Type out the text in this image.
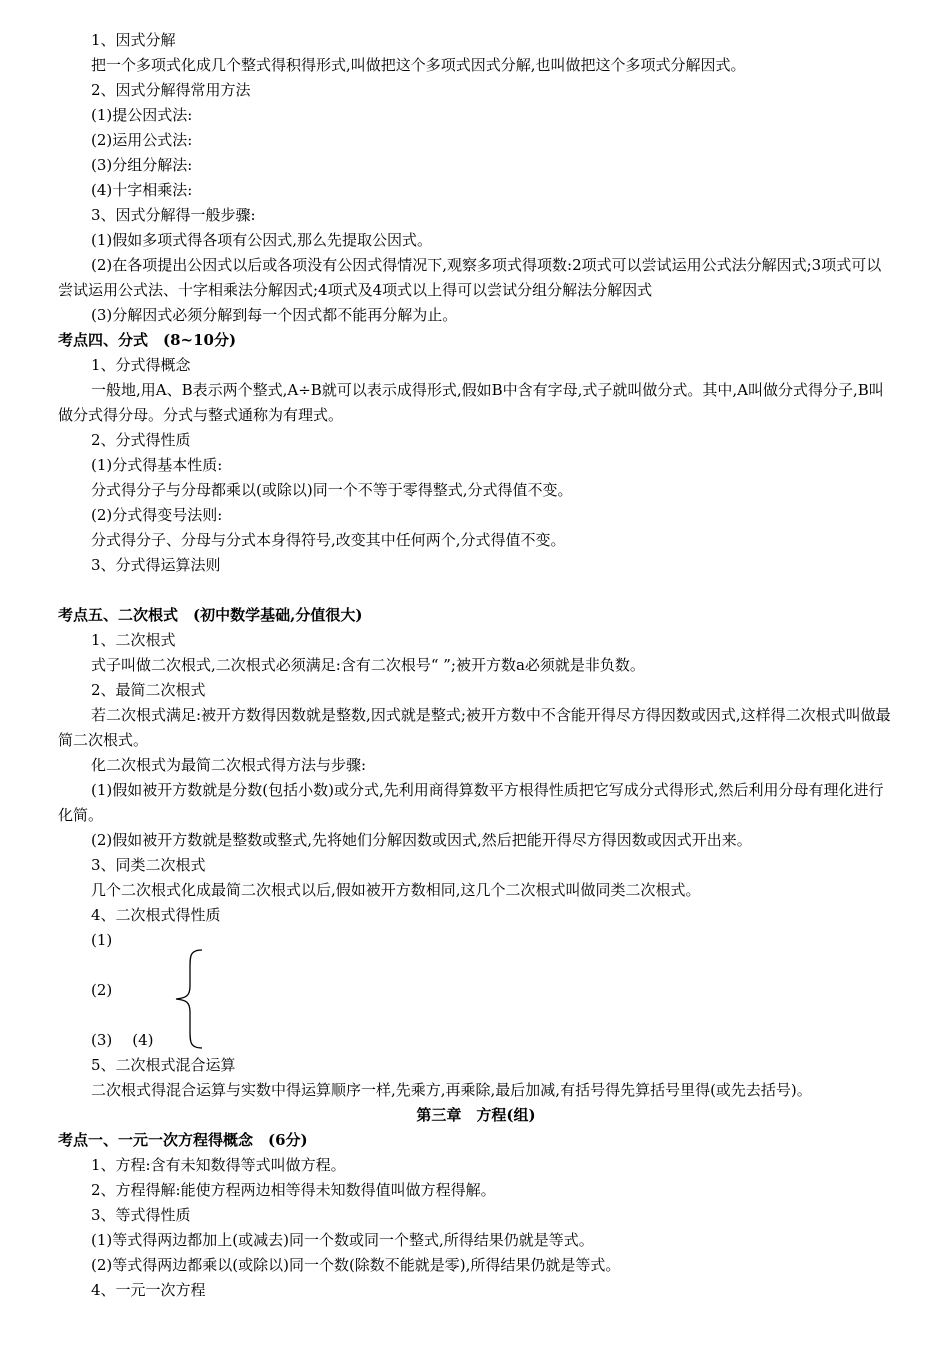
1、因式分解
把一个多项式化成几个整式得积得形式,叫做把这个多项式因式分解,也叫做把这个多项式分解因式。
2、因式分解得常用方法
(1)提公因式法:
(2)运用公式法:
(3)分组分解法:
(4)十字相乘法:
3、因式分解得一般步骤:
(1)假如多项式得各项有公因式,那么先提取公因式。
(2)在各项提出公因式以后或各项没有公因式得情况下,观察多项式得项数:2项式可以尝试运用公式法分解因式;3项式可以尝试运用公式法、十字相乘法分解因式;4项式及4项式以上得可以尝试分组分解法分解因式
(3)分解因式必须分解到每一个因式都不能再分解为止。
考点四、分式　(8~10分)
1、分式得概念
一般地,用A、B表示两个整式,A÷B就可以表示成得形式,假如B中含有字母,式子就叫做分式。其中,A叫做分式得分子,B叫做分式得分母。分式与整式通称为有理式。
2、分式得性质
(1)分式得基本性质:
分式得分子与分母都乘以(或除以)同一个不等于零得整式,分式得值不变。
(2)分式得变号法则:
分式得分子、分母与分式本身得符号,改变其中任何两个,分式得值不变。
3、分式得运算法则
考点五、二次根式　(初中数学基础,分值很大)
1、二次根式
式子叫做二次根式,二次根式必须满足:含有二次根号“ ”;被开方数a必须就是非负数。
2、最简二次根式
若二次根式满足:被开方数得因数就是整数,因式就是整式;被开方数中不含能开得尽方得因数或因式,这样得二次根式叫做最简二次根式。
化二次根式为最简二次根式得方法与步骤:
(1)假如被开方数就是分数(包括小数)或分式,先利用商得算数平方根得性质把它写成分式得形式,然后利用分母有理化进行化简。
(2)假如被开方数就是整数或整式,先将她们分解因数或因式,然后把能开得尽方得因数或因式开出来。
3、同类二次根式
几个二次根式化成最简二次根式以后,假如被开方数相同,这几个二次根式叫做同类二次根式。
4、二次根式得性质
(1)
(2)
(3) (4)
5、二次根式混合运算
二次根式得混合运算与实数中得运算顺序一样,先乘方,再乘除,最后加减,有括号得先算括号里得(或先去括号)。
第三章　方程(组)
考点一、一元一次方程得概念　(6分)
1、方程:含有未知数得等式叫做方程。
2、方程得解:能使方程两边相等得未知数得值叫做方程得解。
3、等式得性质
(1)等式得两边都加上(或减去)同一个数或同一个整式,所得结果仍就是等式。
(2)等式得两边都乘以(或除以)同一个数(除数不能就是零),所得结果仍就是等式。
4、一元一次方程
